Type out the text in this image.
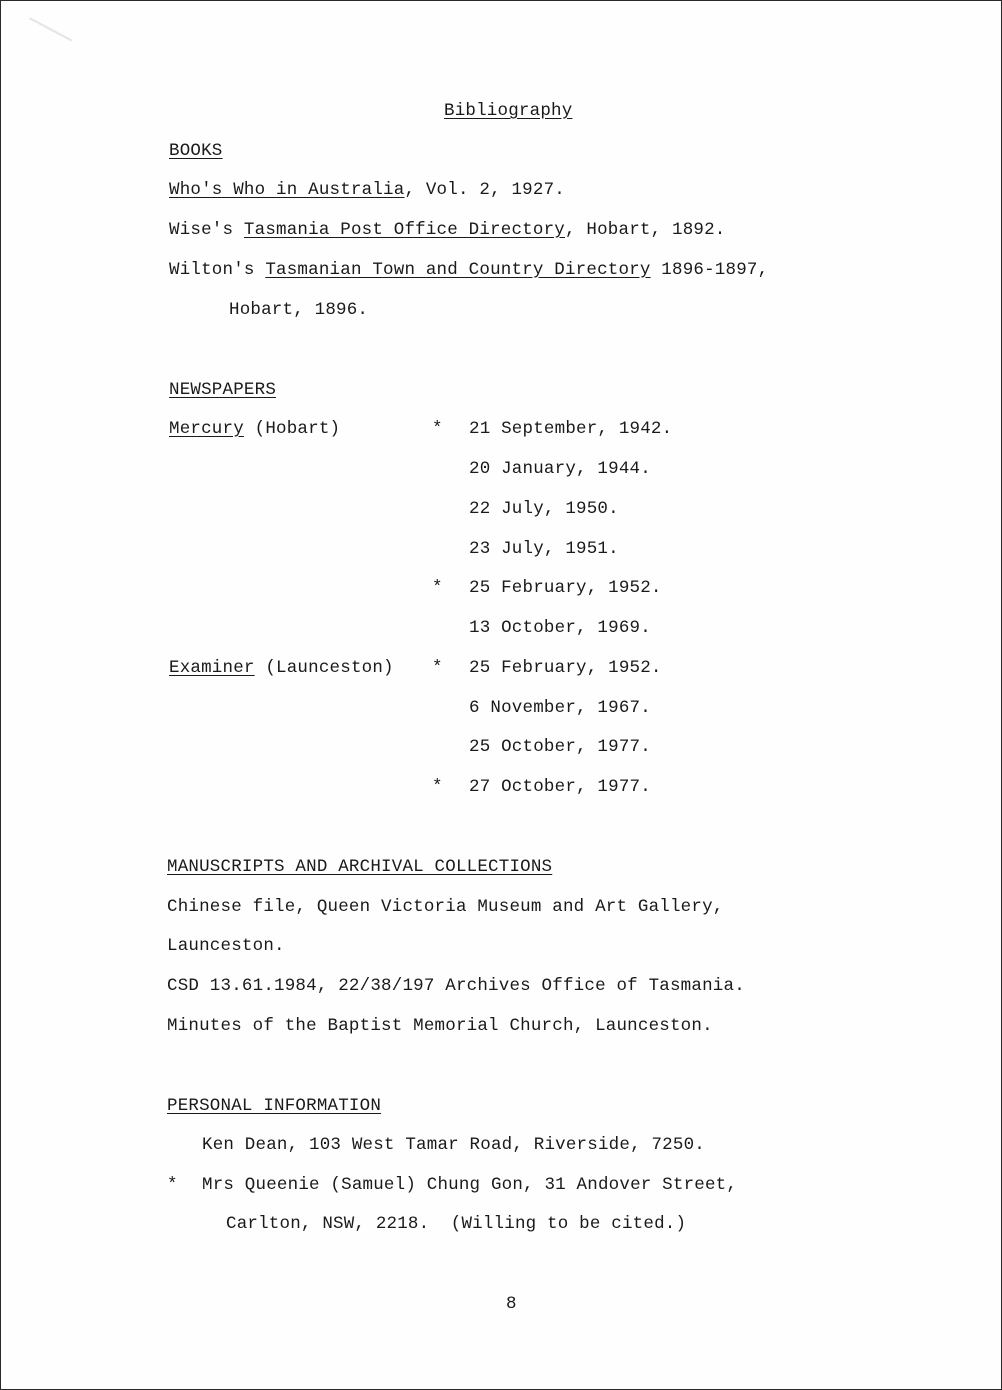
Bibliography
BOOKS
Who's Who in Australia, Vol. 2, 1927.
Wise's Tasmania Post Office Directory, Hobart, 1892.
Wilton's Tasmanian Town and Country Directory 1896-1897,
Hobart, 1896.
NEWSPAPERS
Mercury (Hobart)	* 21 September, 1942.
20 January, 1944.
22 July, 1950.
23 July, 1951.
* 25 February, 1952.
13 October, 1969.
Examiner (Launceston) * 25 February, 1952.
6 November, 1967.
25 October, 1977.
* 27 October, 1977.
MANUSCRIPTS AND ARCHIVAL COLLECTIONS
Chinese file, Queen Victoria Museum and Art Gallery,
Launceston.
CSD 13.61.1984, 22/38/197 Archives Office of Tasmania.
Minutes of the Baptist Memorial Church, Launceston.
PERSONAL INFORMATION
Ken Dean, 103 West Tamar Road, Riverside, 7250.
* Mrs Queenie (Samuel) Chung Gon, 31 Andover Street,
Carlton, NSW, 2218.  (Willing to be cited.)
8
